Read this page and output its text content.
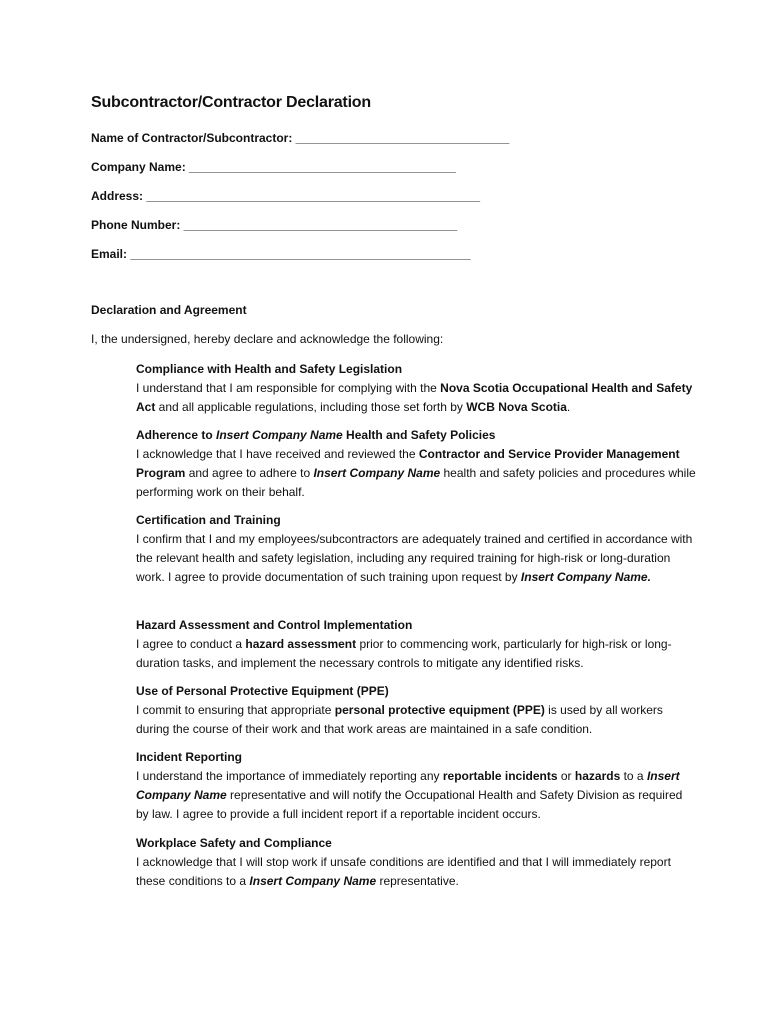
Subcontractor/Contractor Declaration
Name of Contractor/Subcontractor: ________________________________
Company Name: ________________________________________
Address: __________________________________________________
Phone Number: _________________________________________
Email: ___________________________________________________
Declaration and Agreement
I, the undersigned, hereby declare and acknowledge the following:
Compliance with Health and Safety Legislation
I understand that I am responsible for complying with the Nova Scotia Occupational Health and Safety Act and all applicable regulations, including those set forth by WCB Nova Scotia.
Adherence to Insert Company Name Health and Safety Policies
I acknowledge that I have received and reviewed the Contractor and Service Provider Management Program and agree to adhere to Insert Company Name health and safety policies and procedures while performing work on their behalf.
Certification and Training
I confirm that I and my employees/subcontractors are adequately trained and certified in accordance with the relevant health and safety legislation, including any required training for high-risk or long-duration work. I agree to provide documentation of such training upon request by Insert Company Name.
Hazard Assessment and Control Implementation
I agree to conduct a hazard assessment prior to commencing work, particularly for high-risk or long-duration tasks, and implement the necessary controls to mitigate any identified risks.
Use of Personal Protective Equipment (PPE)
I commit to ensuring that appropriate personal protective equipment (PPE) is used by all workers during the course of their work and that work areas are maintained in a safe condition.
Incident Reporting
I understand the importance of immediately reporting any reportable incidents or hazards to a Insert Company Name representative and will notify the Occupational Health and Safety Division as required by law. I agree to provide a full incident report if a reportable incident occurs.
Workplace Safety and Compliance
I acknowledge that I will stop work if unsafe conditions are identified and that I will immediately report these conditions to a Insert Company Name representative.
